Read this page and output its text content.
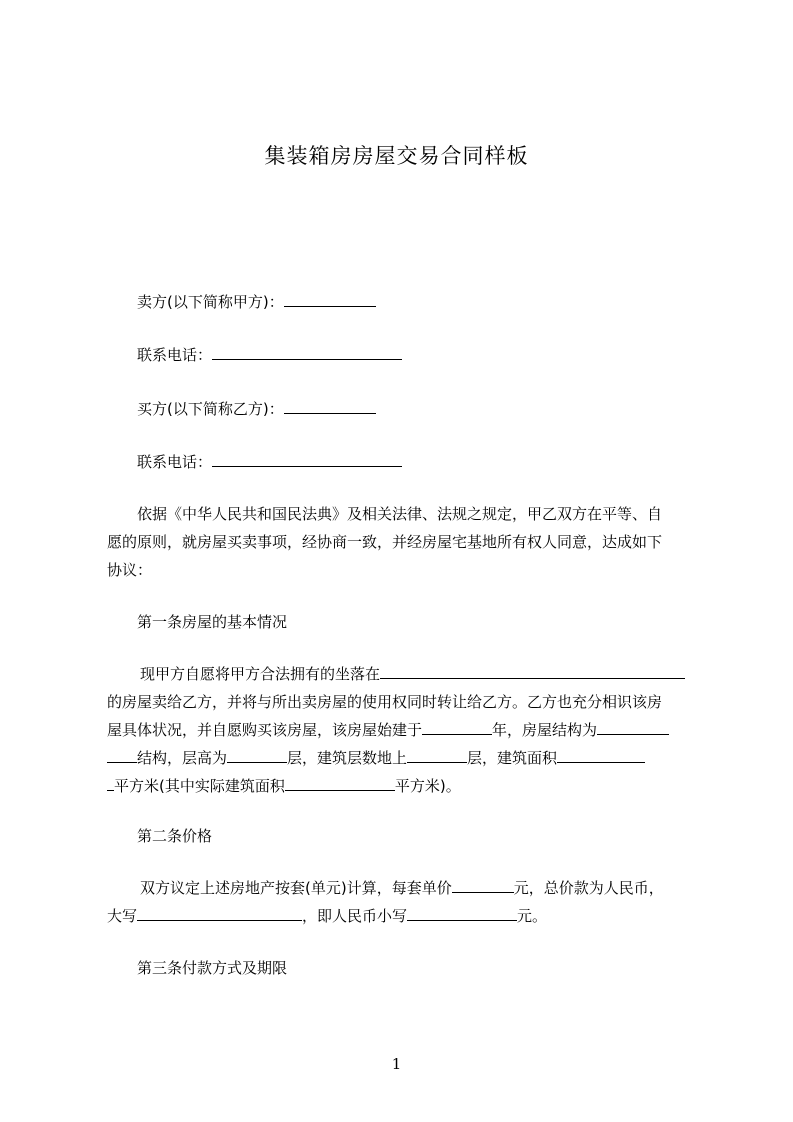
集装箱房房屋交易合同样板
卖方(以下简称甲方)：
联系电话：
买方(以下简称乙方)：
联系电话：
依据《中华人民共和国民法典》及相关法律、法规之规定，甲乙双方在平等、自
愿的原则，就房屋买卖事项，经协商一致，并经房屋宅基地所有权人同意，达成如下
协议：
第一条房屋的基本情况
现甲方自愿将甲方合法拥有的坐落在
的房屋卖给乙方，并将与所出卖房屋的使用权同时转让给乙方。乙方也充分相识该房
屋具体状况，并自愿购买该房屋，该房屋始建于	年，房屋结构为
结构，层高为	层，建筑层数地上	层，建筑面积
平方米(其中实际建筑面积	平方米)。
第二条价格
双方议定上述房地产按套(单元)计算，每套单价	元，总价款为人民币，
大写	，即人民币小写	元。
第三条付款方式及期限
1
